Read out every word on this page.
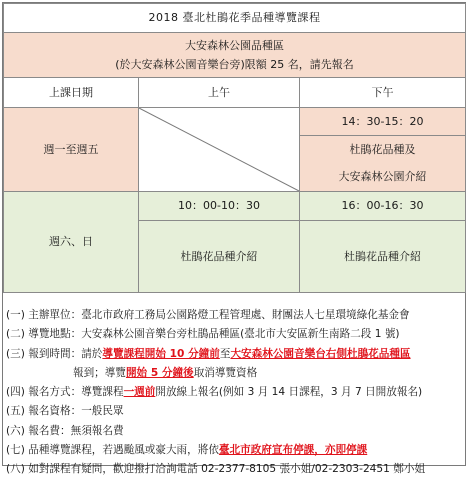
2018 臺北杜鵑花季品種導覽課程		

大安森林公園品種區
(於大安森林公園音樂台旁)限額 25 名，請先報名		

上課日期	上午	下午
週一至週五		14：30-15：20
		杜鵑花品種及
		大安森林公園介紹
週六、日	10：00-10：30	16：00-16：30
	杜鵑花品種介紹	杜鵑花品種介紹
(一) 主辦單位：臺北市政府工務局公園路燈工程管理處、財團法人七星環境綠化基金會
(二) 導覽地點：大安森林公園音樂台旁杜鵑品種區(臺北市大安區新生南路二段 1 號)
(三) 報到時間：請於導覽課程開始 10 分鐘前至大安森林公園音樂台右側杜鵑花品種區
報到；導覽開始 5 分鐘後取消導覽資格
(四) 報名方式：導覽課程一週前開放線上報名(例如 3 月 14 日課程，3 月 7 日開放報名)
(五) 報名資格：一般民眾
(六) 報名費：無須報名費
(七) 品種導覽課程，若遇颱風或豪大雨，將依臺北市政府宣布停課，亦即停課
(八) 如對課程有疑問，歡迎撥打洽詢電話 02-2377-8105 張小姐/02-2303-2451 鄭小姐
